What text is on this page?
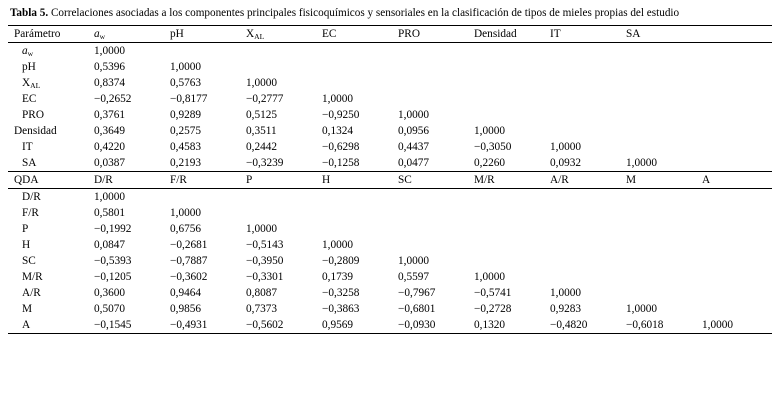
Tabla 5. Correlaciones asociadas a los componentes principales fisicoquímicos y sensoriales en la clasificación de tipos de mieles propias del estudio
Parámetro	$a_w$	pH	$X_{AL}$	EC	PRO	Densidad	IT	SA	
$a_w$	1,0000								
pH	0,5396	1,0000							
$X_{AL}$	0,8374	0,5763	1,0000						
EC	−0,2652	−0,8177	−0,2777	1,0000					
PRO	0,3761	0,9289	0,5125	−0,9250	1,0000				
Densidad	0,3649	0,2575	0,3511	0,1324	0,0956	1,0000			
IT	0,4220	0,4583	0,2442	−0,6298	0,4437	−0,3050	1,0000		
SA	0,0387	0,2193	−0,3239	−0,1258	0,0477	0,2260	0,0932	1,0000	
QDA	D/R	F/R	P	H	SC	M/R	A/R	M	A
D/R	1,0000								
F/R	0,5801	1,0000							
P	−0,1992	0,6756	1,0000						
H	0,0847	−0,2681	−0,5143	1,0000					
SC	−0,5393	−0,7887	−0,3950	−0,2809	1,0000				
M/R	−0,1205	−0,3602	−0,3301	0,1739	0,5597	1,0000			
A/R	0,3600	0,9464	0,8087	−0,3258	−0,7967	−0,5741	1,0000		
M	0,5070	0,9856	0,7373	−0,3863	−0,6801	−0,2728	0,9283	1,0000	
A	−0,1545	−0,4931	−0,5602	0,9569	−0,0930	0,1320	−0,4820	−0,6018	1,0000
